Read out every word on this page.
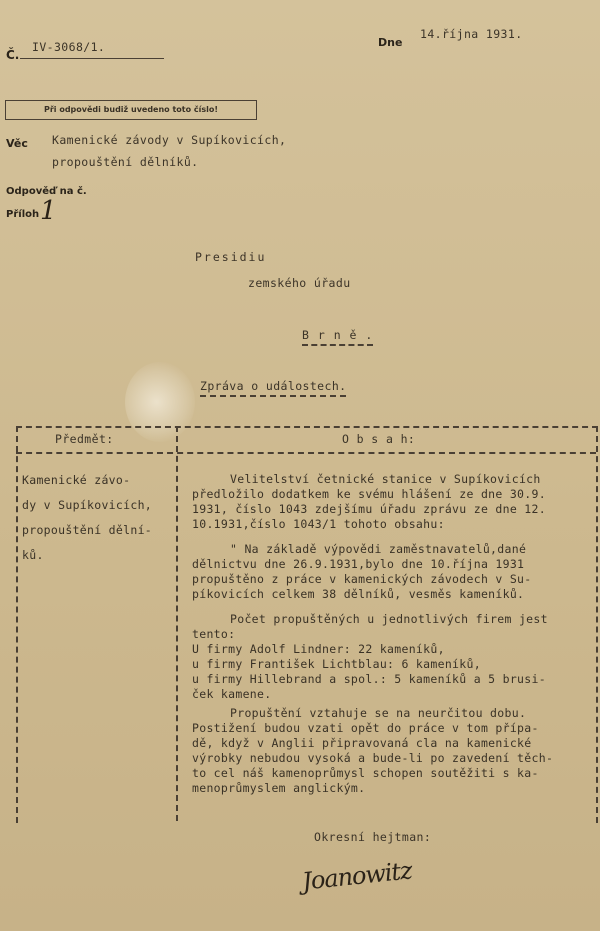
Č.
IV-3068/1.	Dne
14.října 1931.
Při odpovědi budiž uvedeno toto číslo!
Věc Kamenické závody v Supíkovicích,
propouštění dělníků.
Odpověď na č.
Příloh 1
Presidiu
zemského úřadu
B r n ě .
Zpráva o událostech.
Předmět:	O b s a h:
Kamenické závo-
dy v Supíkovicích,
propouštění dělní-
ků.
Velitelství četnické stanice v Supíkovicích
předložilo dodatkem ke svému hlášení ze dne 30.9.
1931, číslo 1043 zdejšímu úřadu zprávu ze dne 12.
10.1931,číslo 1043/1 tohoto obsahu:
" Na základě výpovědi zaměstnavatelů,dané
dělnictvu dne 26.9.1931,bylo dne 10.října 1931
propuštěno z práce v kamenických závodech v Su-
píkovicích celkem 38 dělníků, vesměs kameníků.
Počet propuštěných u jednotlivých firem jest
tento:
U firmy Adolf Lindner: 22 kameníků,
u firmy František Lichtblau: 6 kameníků,
u firmy Hillebrand a spol.: 5 kameníků a 5 brusi-
ček kamene.
Propuštění vztahuje se na neurčitou dobu.
Postižení budou vzati opět do práce v tom přípa-
dě, když v Anglii připravovaná cla na kamenické
výrobky nebudou vysoká a bude-li po zavedení těch-
to cel náš kamenoprůmysl schopen soutěžiti s ka-
menoprůmyslem anglickým.
Okresní hejtman:
Joanowitz
